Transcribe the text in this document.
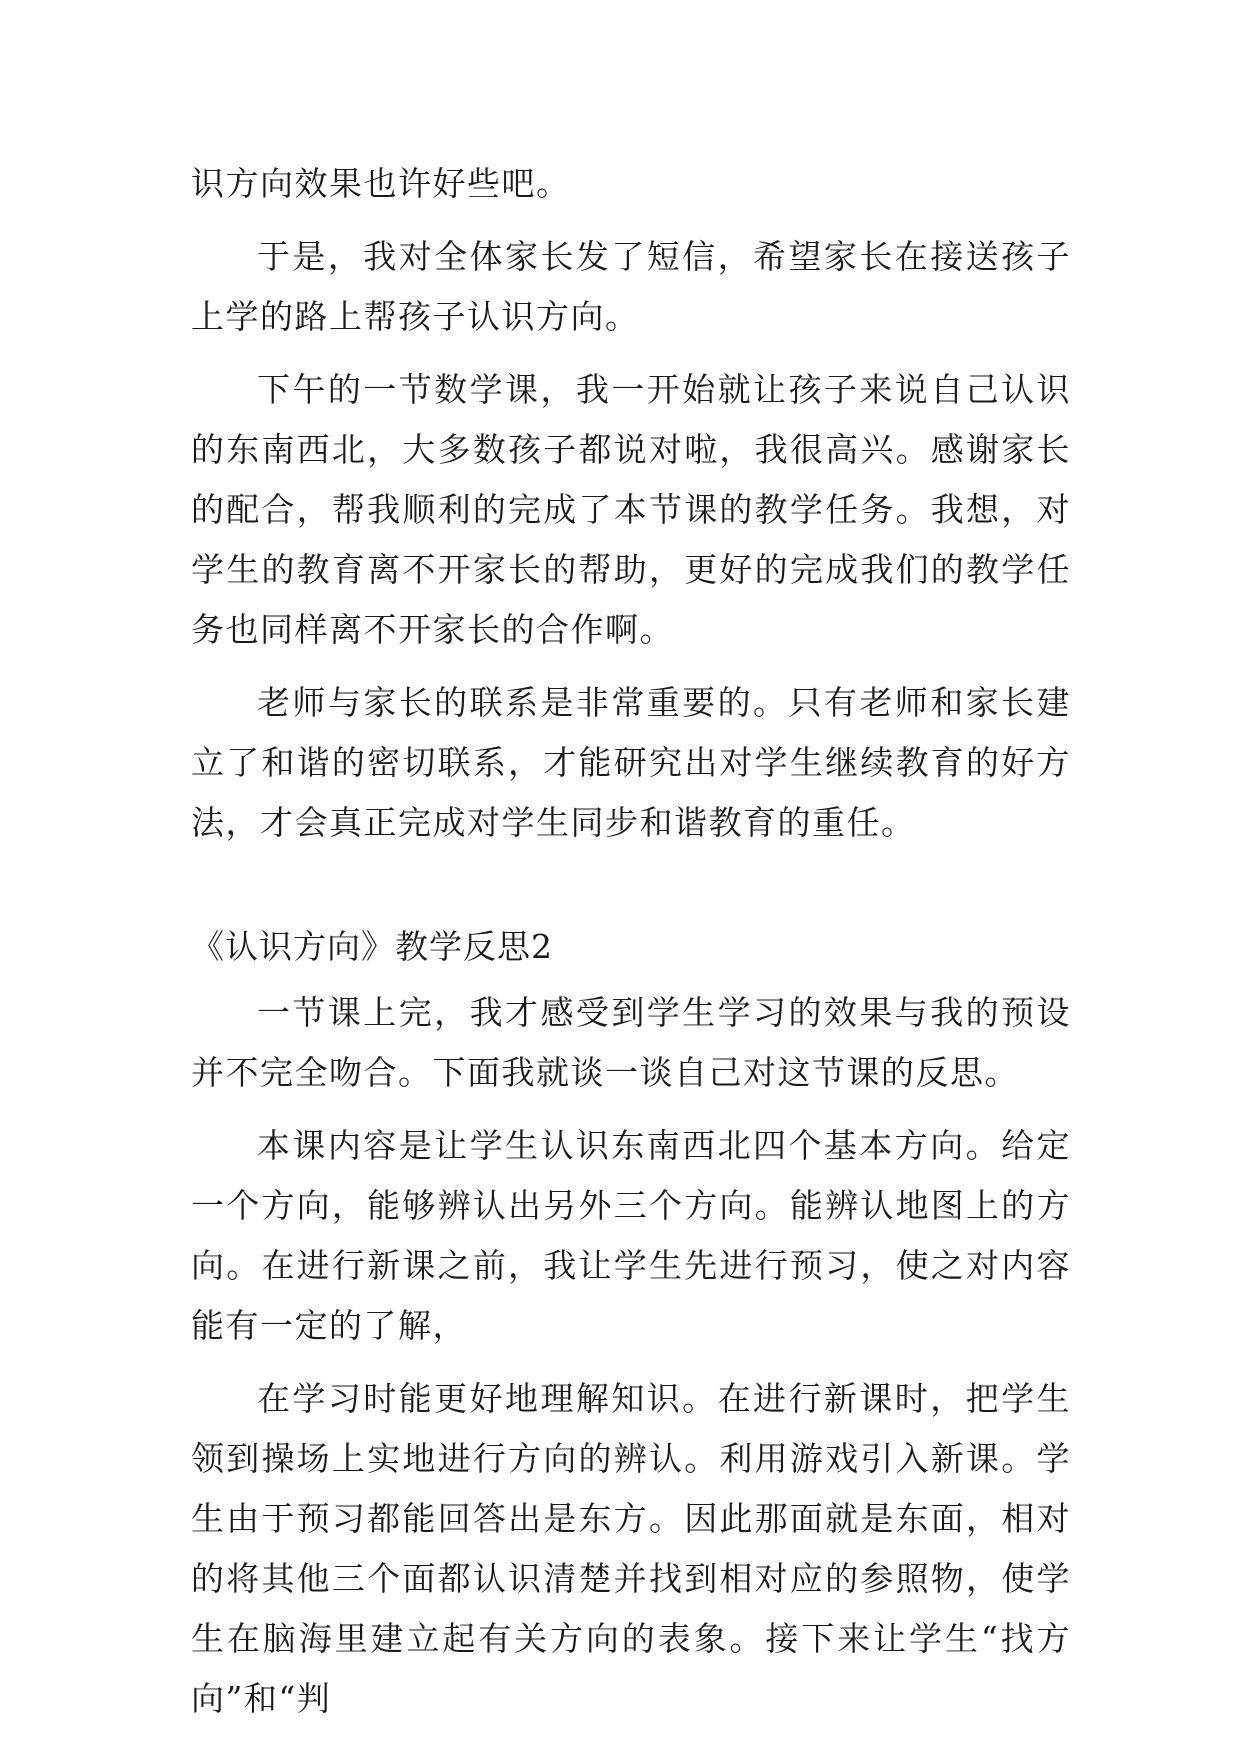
识方向效果也许好些吧。

于是，我对全体家长发了短信，希望家长在接送孩子上学的路上帮孩子认识方向。

下午的一节数学课，我一开始就让孩子来说自己认识的东南西北，大多数孩子都说对啦，我很高兴。感谢家长的配合，帮我顺利的完成了本节课的教学任务。我想，对学生的教育离不开家长的帮助，更好的完成我们的教学任务也同样离不开家长的合作啊。

老师与家长的联系是非常重要的。只有老师和家长建立了和谐的密切联系，才能研究出对学生继续教育的好方法，才会真正完成对学生同步和谐教育的重任。

《认识方向》教学反思2

一节课上完，我才感受到学生学习的效果与我的预设并不完全吻合。下面我就谈一谈自己对这节课的反思。

本课内容是让学生认识东南西北四个基本方向。给定一个方向，能够辨认出另外三个方向。能辨认地图上的方向。在进行新课之前，我让学生先进行预习，使之对内容能有一定的了解，

在学习时能更好地理解知识。在进行新课时，把学生领到操场上实地进行方向的辨认。利用游戏引入新课。学生由于预习都能回答出是东方。因此那面就是东面，相对的将其他三个面都认识清楚并找到相对应的参照物，使学生在脑海里建立起有关方向的表象。接下来让学生“找方向”和“判
